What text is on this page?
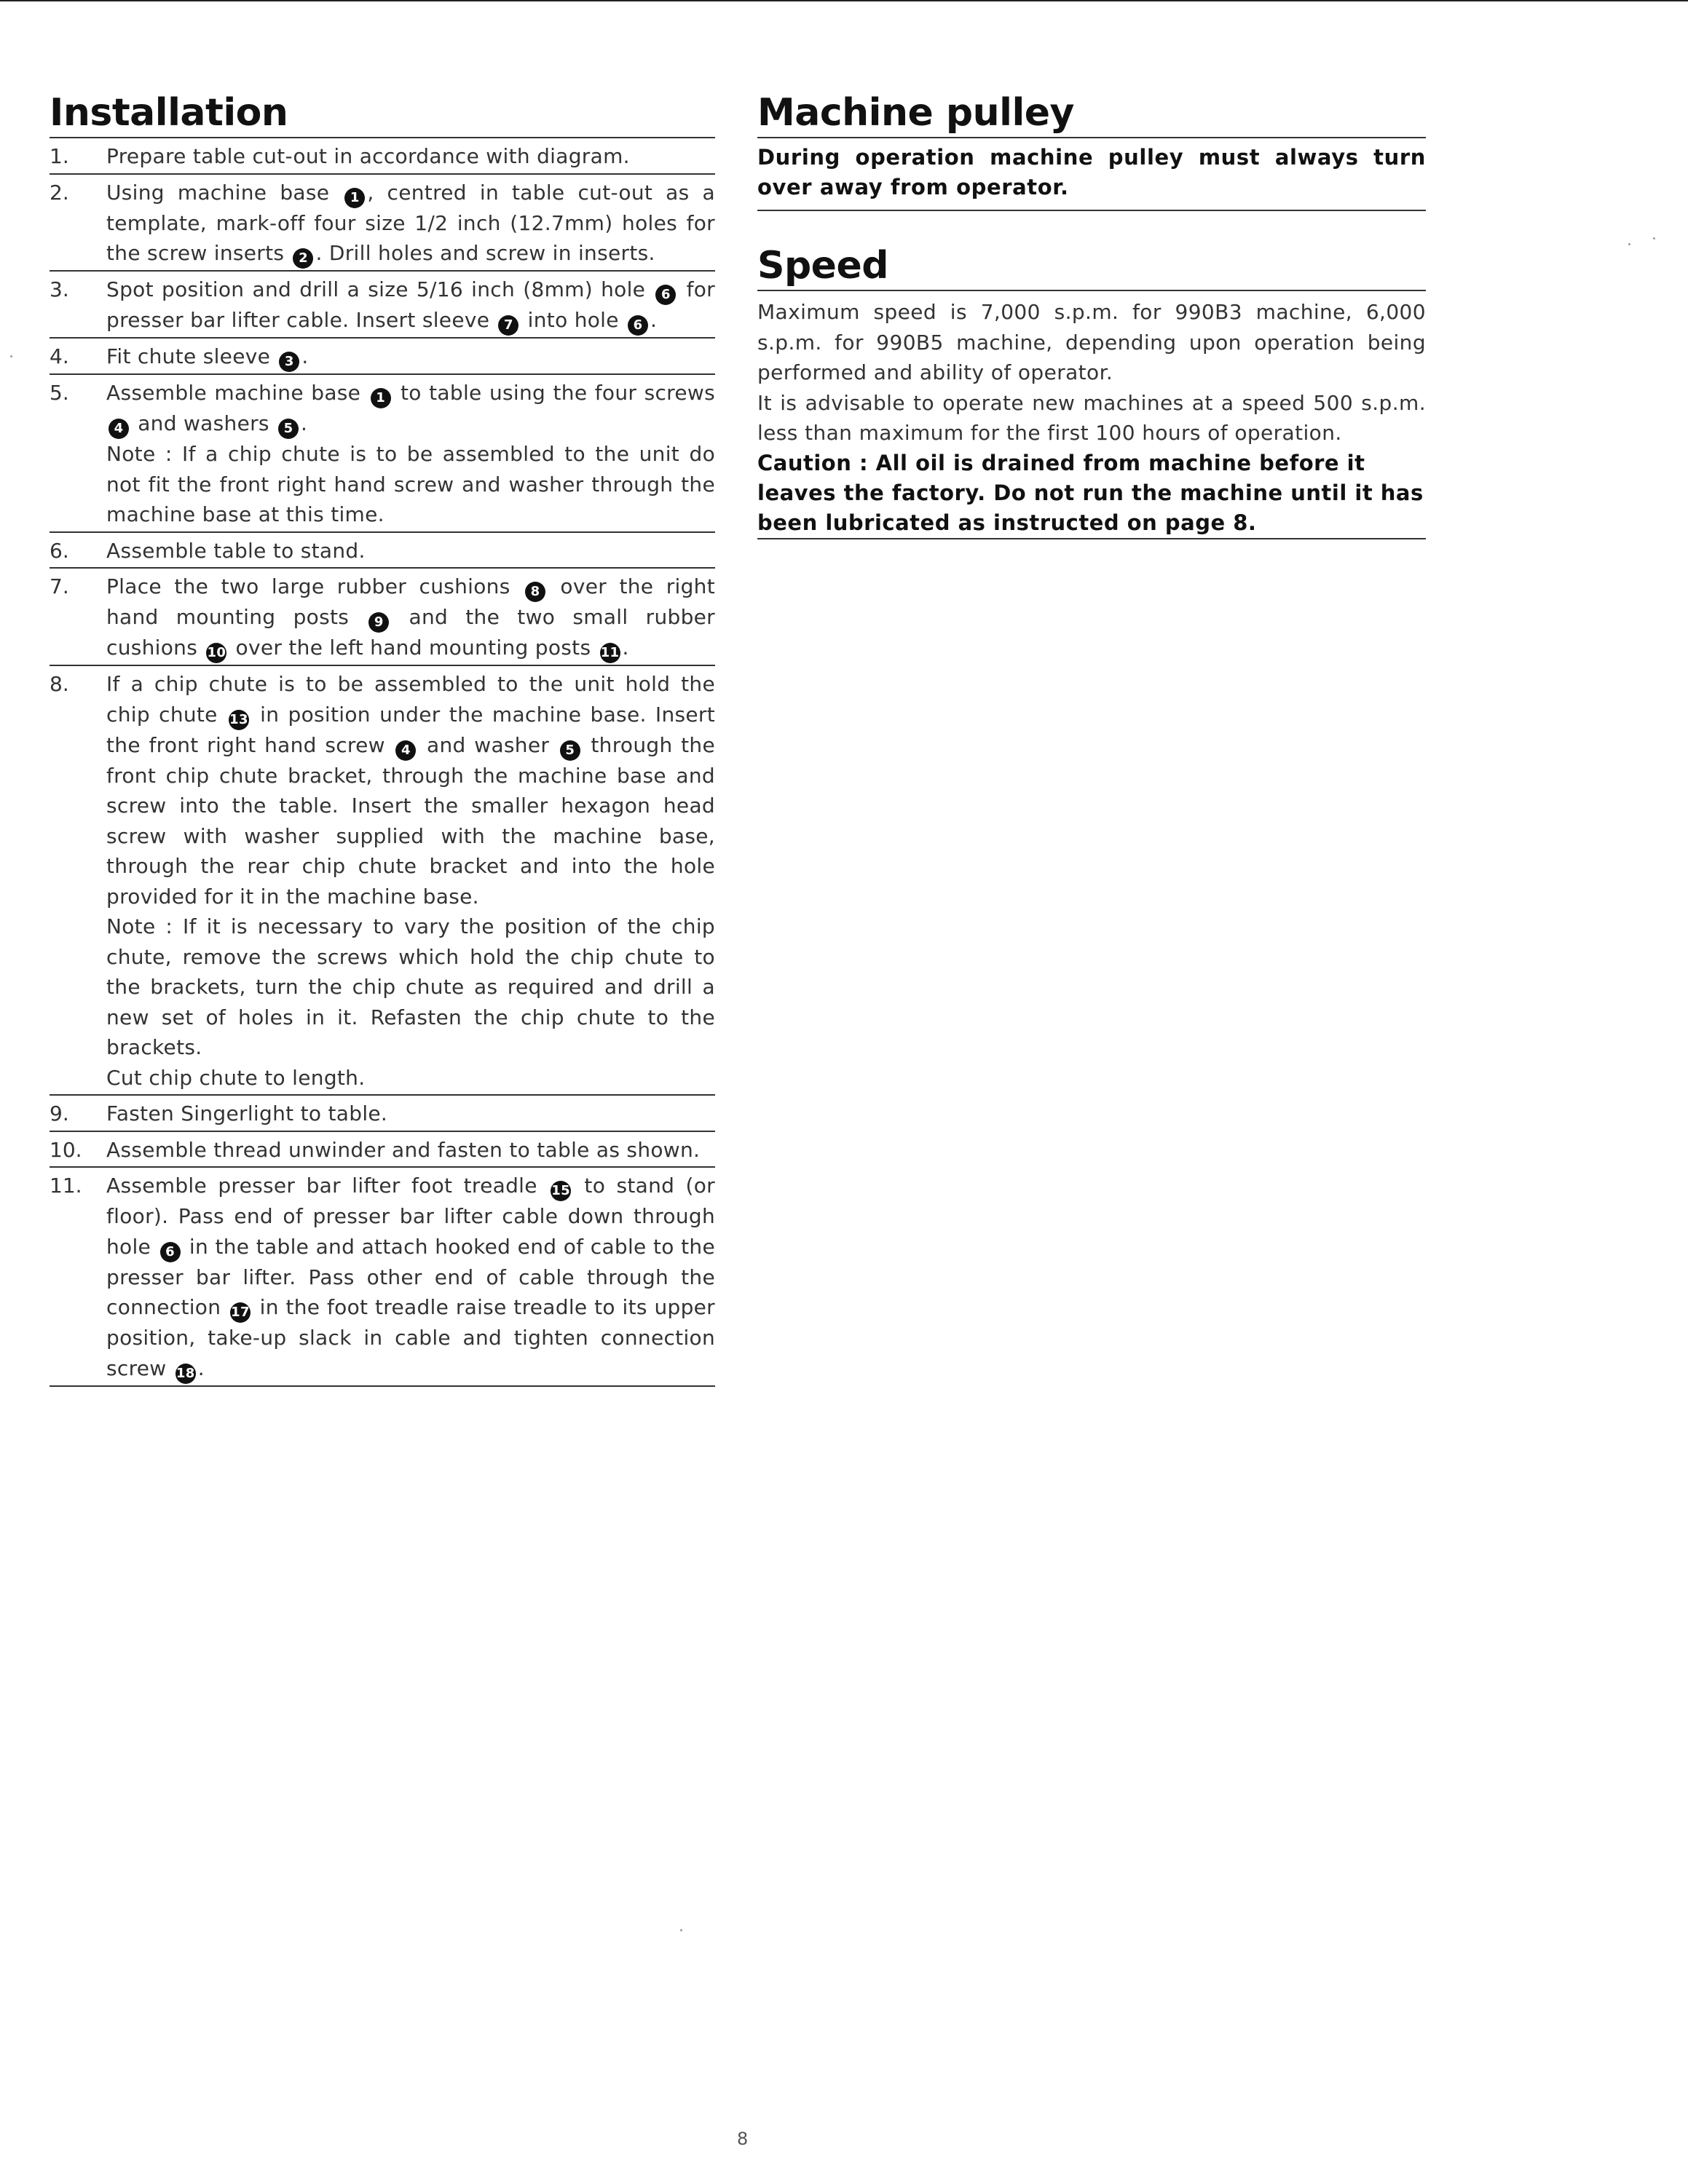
Installation
1.	Prepare table cut-out in accordance with diagram.

2.	Using machine base 1 , centred in table cut-out as a template, mark-off four size 1/2 inch (12.7mm) holes for the screw inserts 2 . Drill holes and screw in inserts.

3.	Spot position and drill a size 5/16 inch (8mm) hole 6 for presser bar lifter cable. Insert sleeve 7 into hole 6 .

4.	Fit chute sleeve 3 .

5.	Assemble machine base 1 to table using the four screws 4 and washers 5 .

Note : If a chip chute is to be assembled to the unit do not fit the front right hand screw and washer through the machine base at this time.

6.	Assemble table to stand.

7.	Place the two large rubber cushions 8 over the right hand mounting posts 9 and the two small rubber cushions 10 over the left hand mounting posts 11 .

8.	If a chip chute is to be assembled to the unit hold the chip chute 13 in position under the machine base. Insert the front right hand screw 4 and washer 5 through the front chip chute bracket, through the machine base and screw into the table. Insert the smaller hexagon head screw with washer supplied with the machine base, through the rear chip chute bracket and into the hole provided for it in the machine base.

Note : If it is necessary to vary the position of the chip chute, remove the screws which hold the chip chute to the brackets, turn the chip chute as required and drill a new set of holes in it. Refasten the chip chute to the brackets.

Cut chip chute to length.

9.	Fasten Singerlight to table.

10.	Assemble thread unwinder and fasten to table as shown.

11.	Assemble presser bar lifter foot treadle 15 to stand (or floor). Pass end of presser bar lifter cable down through hole 6 in the table and attach hooked end of cable to the presser bar lifter. Pass other end of cable through the connection 17 in the foot treadle raise treadle to its upper position, take-up slack in cable and tighten connection screw 18 .

Machine pulley
During operation machine pulley must always turn over away from operator.
Speed

Maximum speed is 7,000 s.p.m. for 990B3 machine, 6,000 s.p.m. for 990B5 machine, depending upon operation being performed and ability of operator.

It is advisable to operate new machines at a speed 500 s.p.m. less than maximum for the first 100 hours of operation.

Caution : All oil is drained from machine before it leaves the factory. Do not run the machine until it has been lubricated as instructed on page 8.

8
